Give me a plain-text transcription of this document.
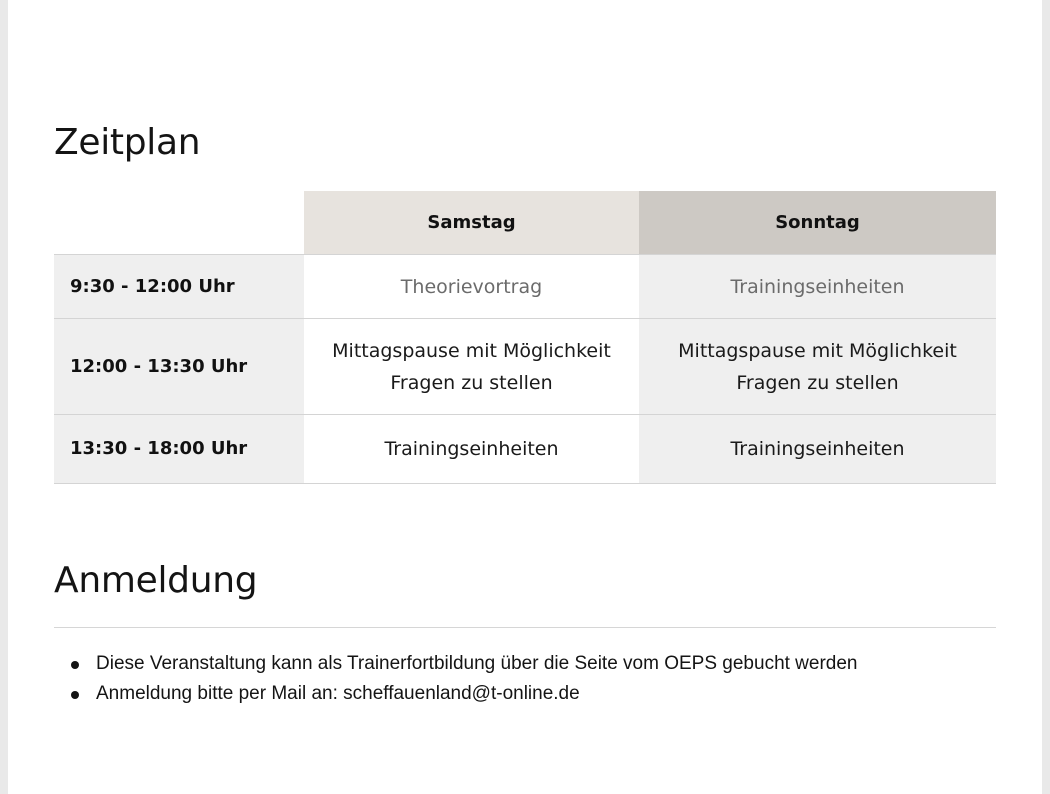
Zeitplan
	Samstag	Sonntag
9:30 - 12:00 Uhr	Theorievortrag	Trainingseinheiten
12:00 - 13:30 Uhr	Mittagspause mit Möglichkeit Fragen zu stellen	Mittagspause mit Möglichkeit Fragen zu stellen
13:30 - 18:00 Uhr	Trainingseinheiten	Trainingseinheiten
Anmeldung
Diese Veranstaltung kann als Trainerfortbildung über die Seite vom OEPS gebucht werden
Anmeldung bitte per Mail an: scheffauenland@t-online.de
